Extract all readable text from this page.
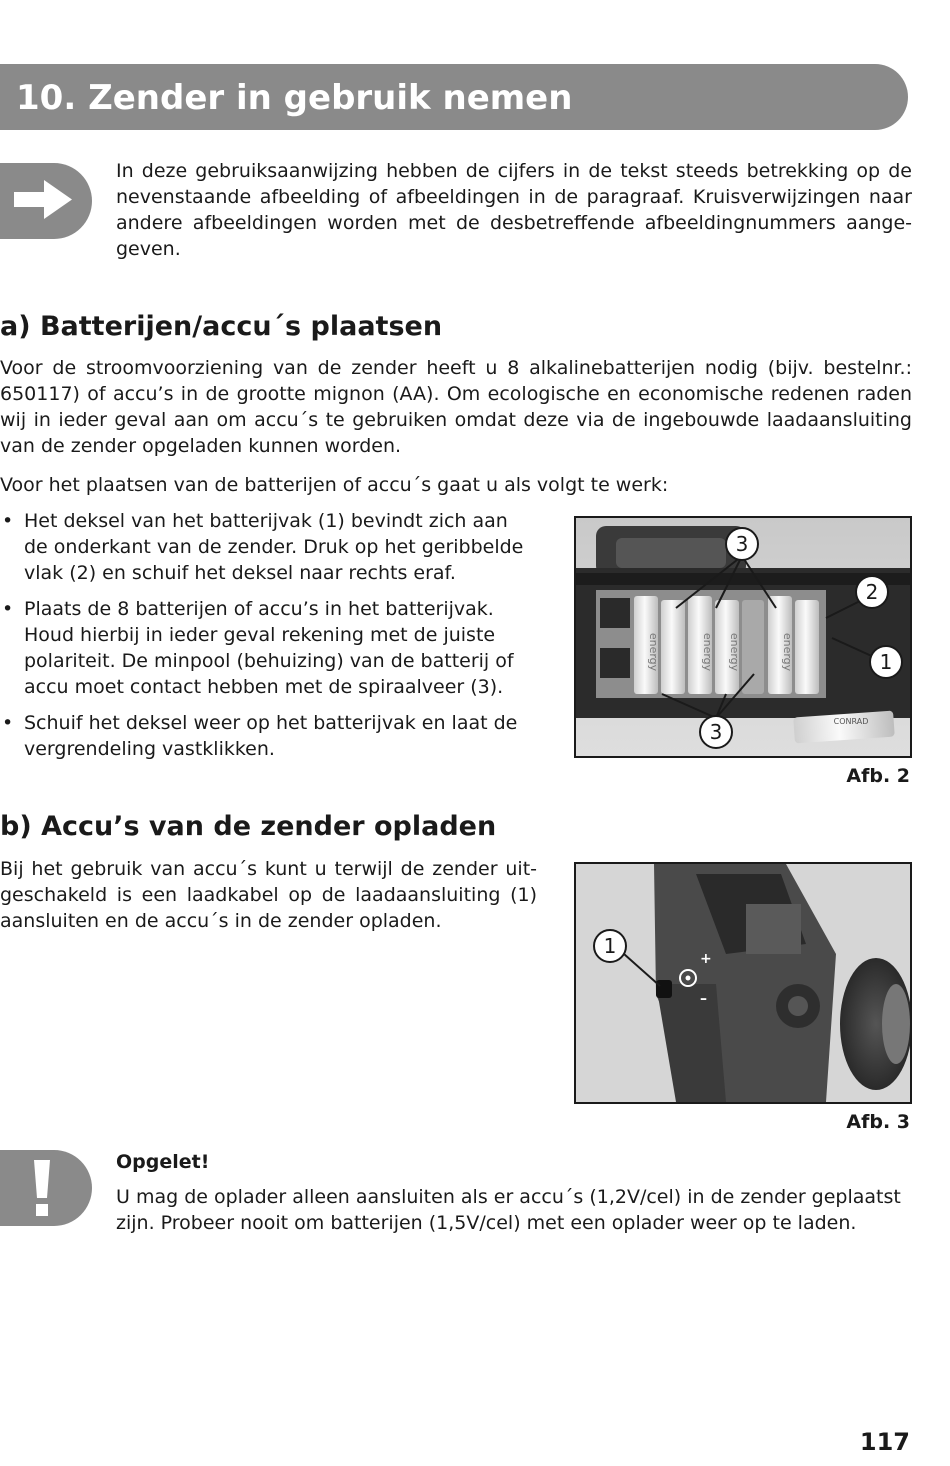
10. Zender in gebruik nemen

In deze gebruiksaanwijzing hebben de cijfers in de tekst steeds betrekking op de nevenstaande afbeelding of afbeeldingen in de paragraaf. Kruisverwijzingen naar andere afbeeldingen worden met de desbetreffende afbeeldingnummers aange-

geven.

a) Batterijen/accu´s plaatsen

Voor de stroomvoorziening van de zender heeft u 8 alkalinebatterijen nodig (bijv. bestelnr.: 650117) of accu’s in de grootte mignon (AA). Om ecologische en economische redenen raden wij in ieder geval aan om accu´s te gebruiken omdat deze via de ingebouwde laadaansluiting

van de zender opgeladen kunnen worden.

Voor het plaatsen van de batterijen of accu´s gaat u als volgt te werk:

• Het deksel van het batterijvak (1) bevindt zich aan de onderkant van de zender. Druk op het geribbelde vlak (2) en schuif het deksel naar rechts eraf.
• Plaats de 8 batterijen of accu’s in het batterijvak. Houd hierbij in ieder geval rekening met de juiste polariteit. De minpool (behuizing) van de batterij of accu moet contact hebben met de spiraalveer (3).
• Schuif het deksel weer op het batterijvak en laat de vergrendeling vastklikken.
energy	energy	energy
energy
CONRAD
3
2
1
3

Afb. 2

b) Accu’s van de zender opladen

Bij het gebruik van accu´s kunt u terwijl de zender uit-geschakeld is een laadkabel op de laadaansluiting (1)

aansluiten en de accu´s in de zender opladen.

+
–
1

Afb. 3

Opgelet!

U mag de oplader alleen aansluiten als er accu´s (1,2V/cel) in de zender geplaatst zijn. Probeer nooit om batterijen (1,5V/cel) met een oplader weer op te laden.

117
